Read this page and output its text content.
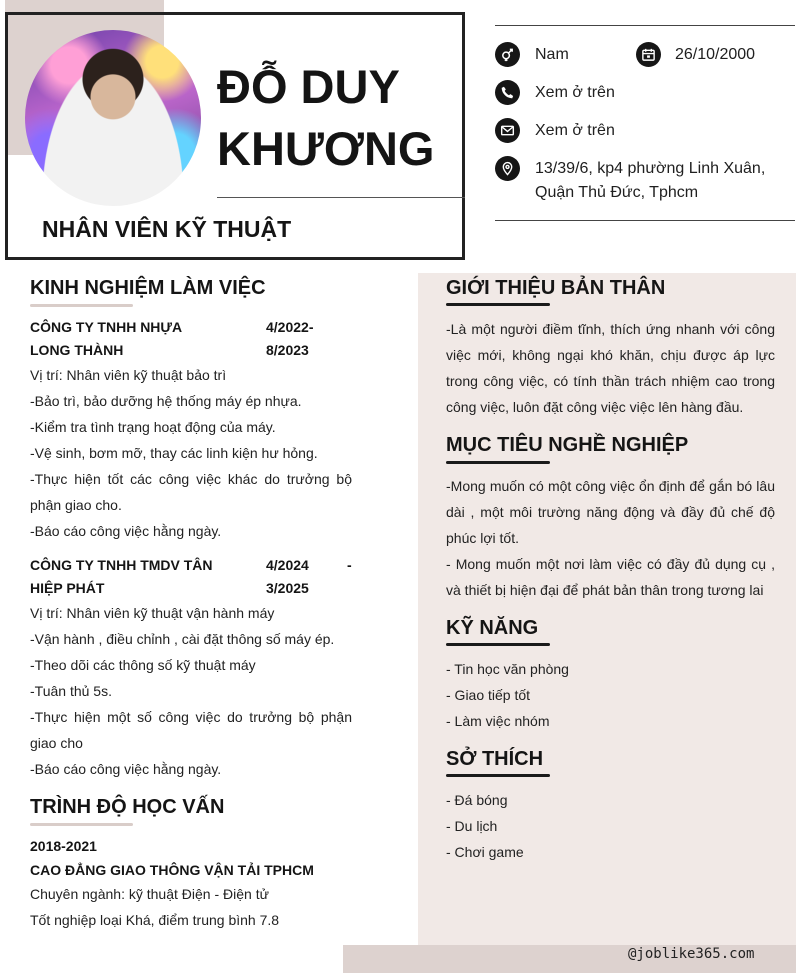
ĐỖ DUY KHƯƠNG
NHÂN VIÊN KỸ THUẬT
Nam	26/10/2000
Xem ở trên
Xem ở trên
13/39/6, kp4 phường Linh Xuân, Quận Thủ Đức, Tphcm
KINH NGHIỆM LÀM VIỆC

CÔNG TY TNHH NHỰA LONG THÀNH

4/2022-

8/2023

Vị trí: Nhân viên kỹ thuật bảo trì

-Bảo trì, bảo dưỡng hệ thống máy ép nhựa.

-Kiểm tra tình trạng hoạt động của máy.

-Vệ sinh, bơm mỡ, thay các linh kiện hư hỏng.

-Thực hiện tốt các công việc khác do trưởng bộ phận giao cho.

-Báo cáo công việc hằng ngày.

CÔNG TY TNHH TMDV TÂN HIỆP PHÁT

4/2024	-

3/2025

Vị trí: Nhân viên kỹ thuật vận hành máy

-Vận hành , điều chỉnh , cài đặt thông số máy ép.

-Theo dõi các thông số kỹ thuật máy

-Tuân thủ 5s.

-Thực hiện một số công việc do trưởng bộ phận giao cho

-Báo cáo công việc hằng ngày.

TRÌNH ĐỘ HỌC VẤN

2018-2021

CAO ĐẲNG GIAO THÔNG VẬN TẢI TPHCM

Chuyên ngành: kỹ thuật Điện - Điện tử

Tốt nghiệp loại Khá, điểm trung bình 7.8

GIỚI THIỆU BẢN THÂN

-Là một người điềm tĩnh, thích ứng nhanh với công việc mới, không ngại khó khăn, chịu được áp lực trong công việc, có tính thần trách nhiệm cao trong công việc, luôn đặt công việc việc lên hàng đầu.

MỤC TIÊU NGHỀ NGHIỆP

-Mong muốn có một công việc ổn định để gắn bó lâu dài , một môi trường năng động và đầy đủ chế độ phúc lợi tốt.

- Mong muốn một nơi làm việc có đầy đủ dụng cụ , và thiết bị hiện đại để phát bản thân trong tương lai

KỸ NĂNG

- Tin học văn phòng

- Giao tiếp tốt

- Làm việc nhóm

SỞ THÍCH

- Đá bóng

- Du lịch

- Chơi game

@joblike365.com
